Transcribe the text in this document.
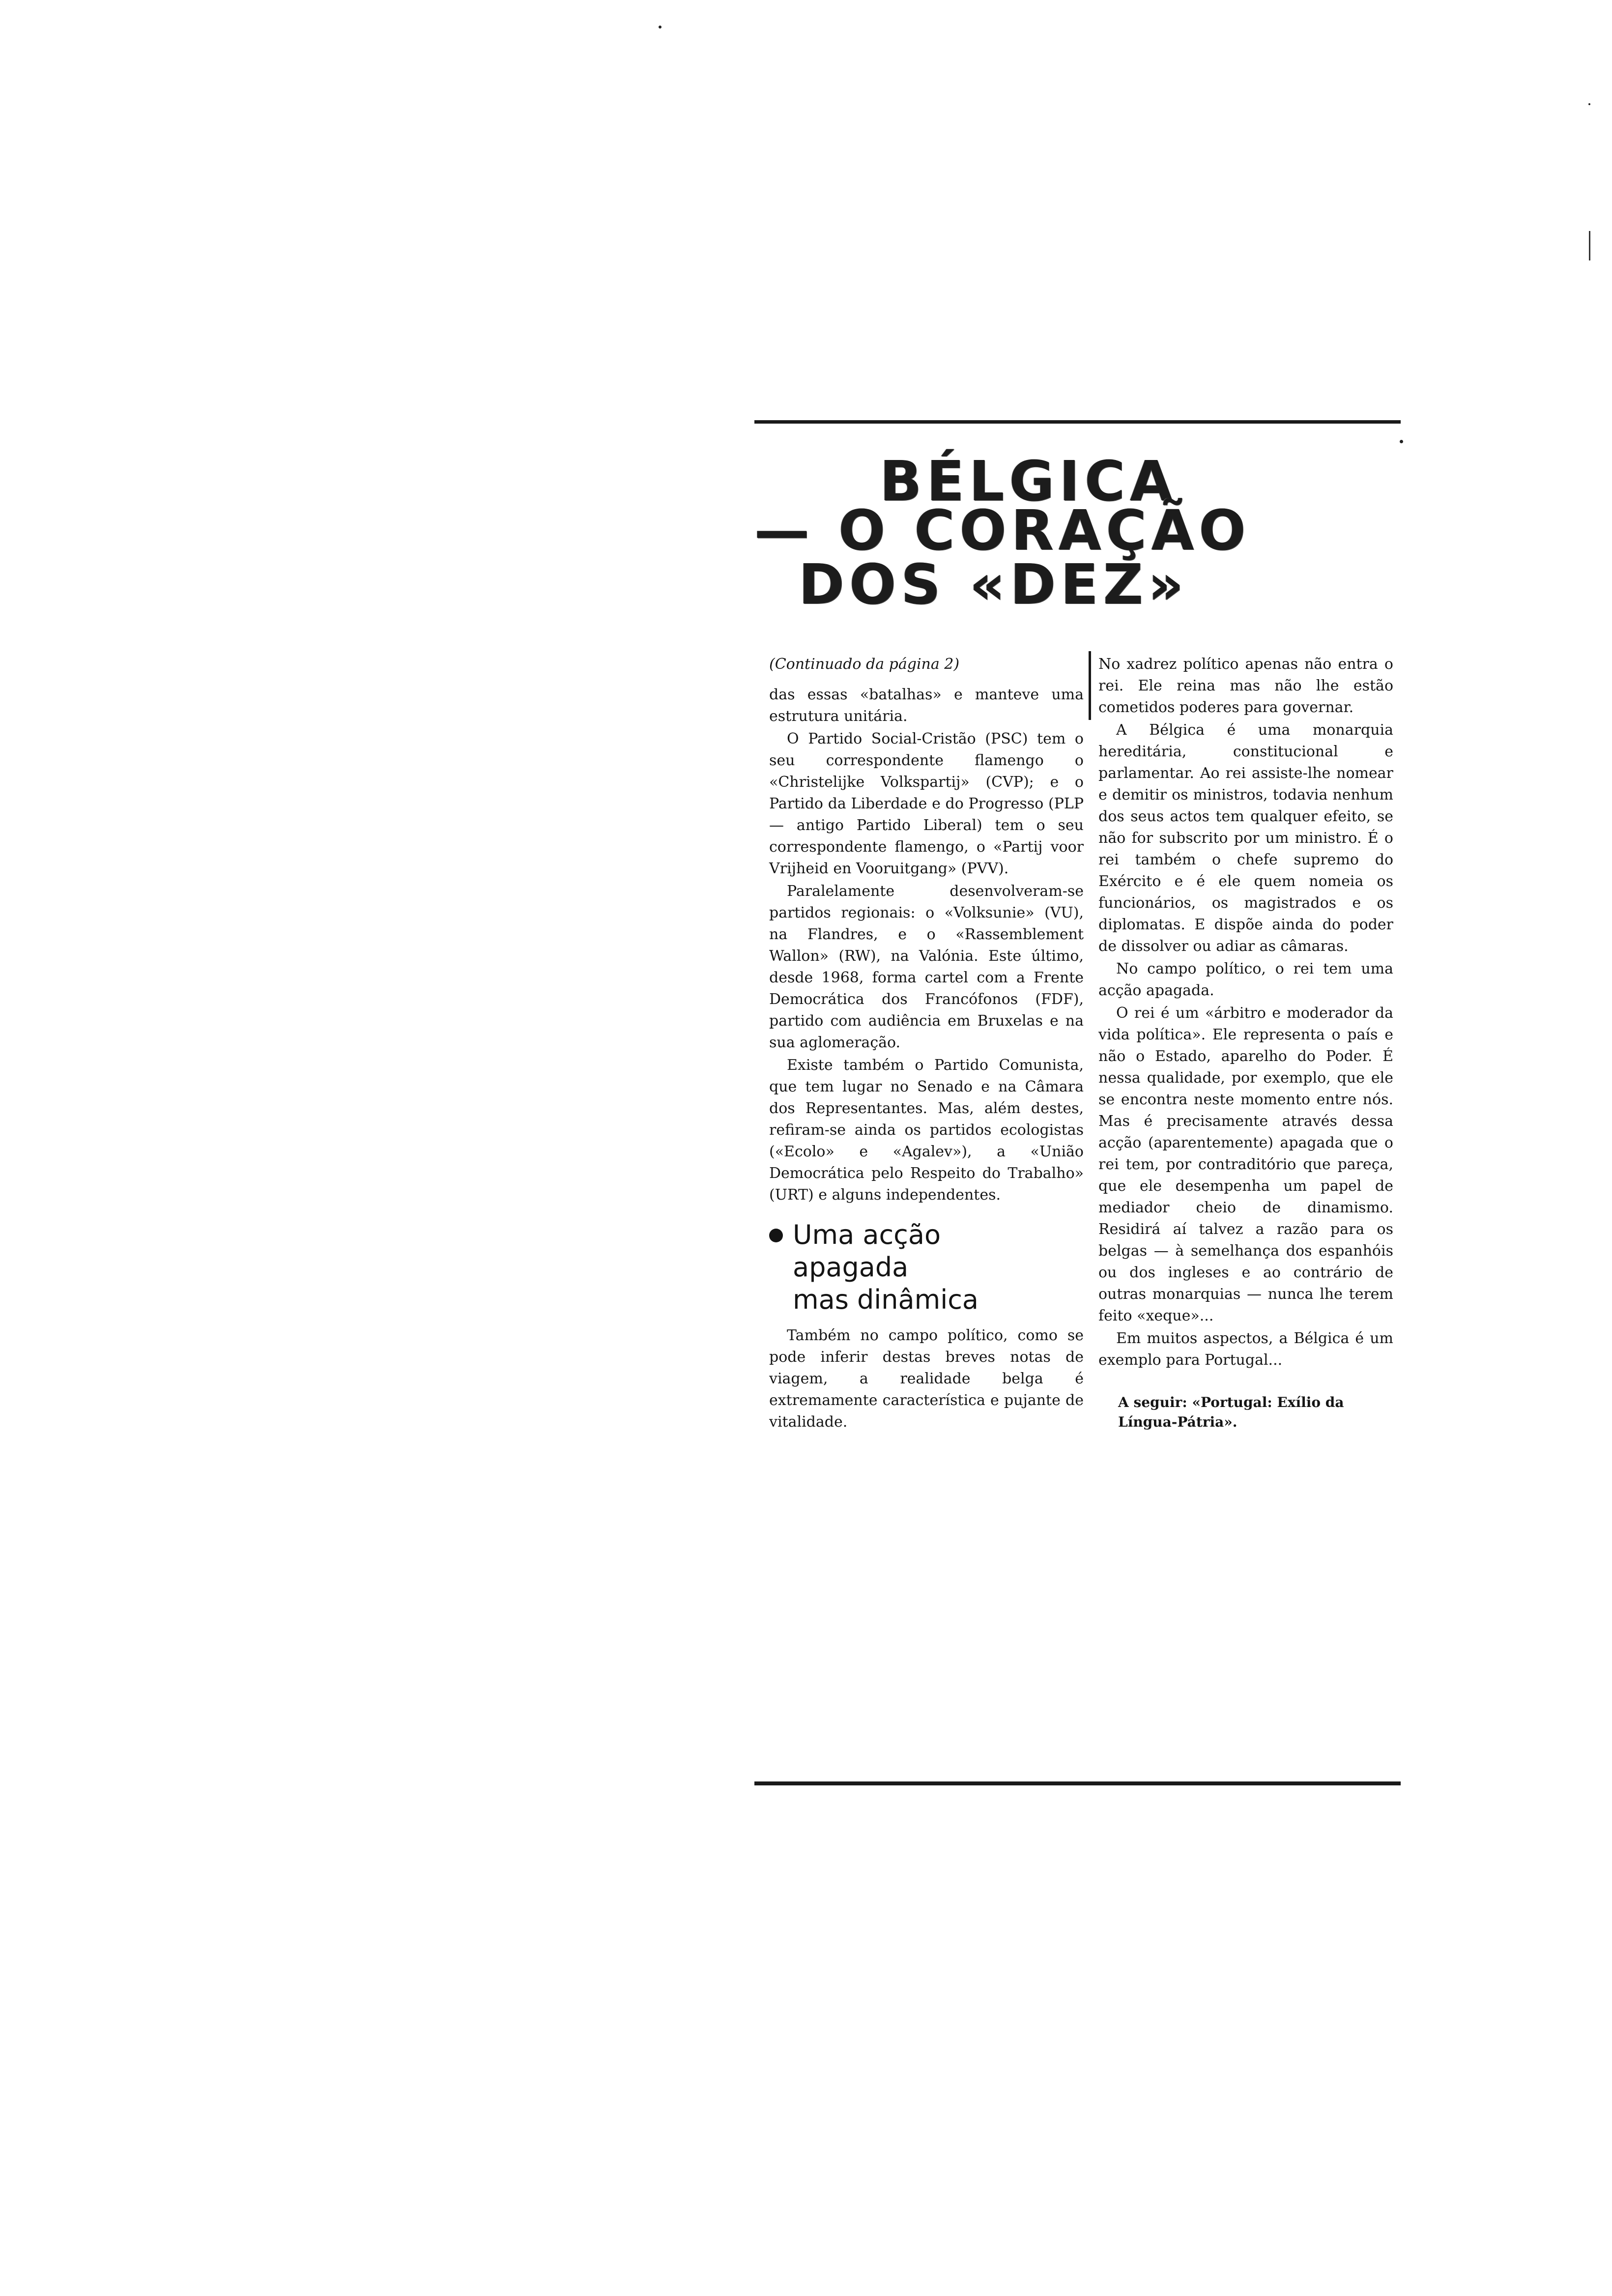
BÉLGICA
— O CORAÇÃO
DOS «DEZ»

(Continuado da página 2)

das essas «batalhas» e manteve uma estrutura unitária.

O Partido Social-Cristão (PSC) tem o seu correspondente flamengo o «Christelijke Volkspartij» (CVP); e o Partido da Liberdade e do Progresso (PLP — antigo Partido Liberal) tem o seu correspondente flamengo, o «Partij voor Vrijheid en Vooruitgang» (PVV).

Paralelamente desenvolveram-se partidos regionais: o «Volksunie» (VU), na Flandres, e o «Rassemblement Wallon» (RW), na Valónia. Este último, desde 1968, forma cartel com a Frente Democrática dos Francófonos (FDF), partido com audiência em Bruxelas e na sua aglomeração.

Existe também o Partido Comunista, que tem lugar no Senado e na Câmara dos Representantes. Mas, além destes, refiram-se ainda os partidos ecologistas («Ecolo» e «Agalev»), a «União Democrática pelo Respeito do Trabalho» (URT) e alguns independentes.

Uma acção
apagada
mas dinâmica

Também no campo político, como se pode inferir destas breves notas de viagem, a realidade belga é extremamente característica e pujante de vitalidade.

No xadrez político apenas não entra o rei. Ele reina mas não lhe estão cometidos poderes para governar.

A Bélgica é uma monarquia hereditária, constitucional e parlamentar. Ao rei assiste-lhe nomear e demitir os ministros, todavia nenhum dos seus actos tem qualquer efeito, se não for subscrito por um ministro. É o rei também o chefe supremo do Exército e é ele quem nomeia os funcionários, os magistrados e os diplomatas. E dispõe ainda do poder de dissolver ou adiar as câmaras.

No campo político, o rei tem uma acção apagada.

O rei é um «árbitro e moderador da vida política». Ele representa o país e não o Estado, aparelho do Poder. É nessa qualidade, por exemplo, que ele se encontra neste momento entre nós. Mas é precisamente através dessa acção (aparentemente) apagada que o rei tem, por contraditório que pareça, que ele desempenha um papel de mediador cheio de dinamismo. Residirá aí talvez a razão para os belgas — à semelhança dos espanhóis ou dos ingleses e ao contrário de outras monarquias — nunca lhe terem feito «xeque»...

Em muitos aspectos, a Bélgica é um exemplo para Portugal...

A seguir: «Portugal: Exílio da Língua-Pátria».
